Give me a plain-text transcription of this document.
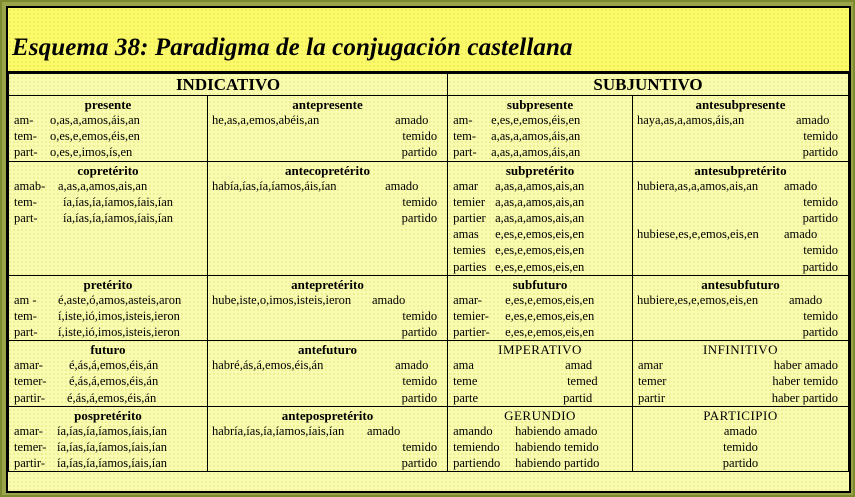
Esquema 38: Paradigma de la conjugación castellana
INDICATIVO		SUBJUNTIVO	

presente
am-	o,as,a,amos,áis,an
tem-	o,es,e,emos,éis,en
part- o,es,e,imos,ís,en

antepresente
he,as,a,emos,abéis,an	amado
temido
partido

subpresente
am-	e,es,e,emos,éis,en
tem-	a,as,a,amos,áis,an
part-	a,as,a,amos,áis,an

antesubpresente
haya,as,a,amos,áis,an	amado
temido
partido

copretérito
amab-	a,as,a,amos,ais,an
tem-	ía,ías,ía,íamos,íais,ían
part-	ía,ías,ía,íamos,íais,ían

antecopretérito
había,ías,ía,íamos,áis,ían	amado
temido
partido

subpretérito
amar	a,as,a,amos,ais,an
temier a,as,a,amos,ais,an
partier a,as,a,amos,ais,an
amas	e,es,e,emos,eis,en
temies e,es,e,emos,eis,en
parties e,es,e,emos,eis,en

antesubpretérito
hubiera,as,a,amos,ais,an	amado
temido
partido
hubiese,es,e,emos,eis,en	amado
temido
partido

pretérito
am -	é,aste,ó,amos,asteis,aron
tem-	í,iste,ió,imos,isteis,ieron
part-	í,iste,ió,imos,isteis,ieron

antepretérito
hube,iste,o,imos,isteis,ieron	amado
temido
partido

subfuturo
amar-	e,es,e,emos,eis,en
temier-	e,es,e,emos,eis,en
partier-	e,es,e,emos,eis,en

antesubfuturo
hubiere,es,e,emos,eis,en	amado
temido
partido

futuro
amar-	é,ás,á,emos,éis,án
temer-	é,ás,á,emos,éis,án
partir-	é,ás,á,emos,éis,án

antefuturo
habré,ás,á,emos,éis,án	amado
temido
partido

IMPERATIVO
ama	amad
teme	temed
parte	partid

INFINITIVO
amar	haber amado
temer	haber temido
partir	haber partido

pospretérito
amar-	ía,ías,ía,íamos,íais,ían
temer- ía,ías,ía,íamos,íais,ían
partir- ía,ías,ía,íamos,íais,ían

antepospretérito
habría,ías,ía,íamos,íais,ían	amado
temido
partido

GERUNDIO
amando	habiendo amado
temiendo	habiendo temido
partiendo	habiendo partido

PARTICIPIO
amado
temido
partido
